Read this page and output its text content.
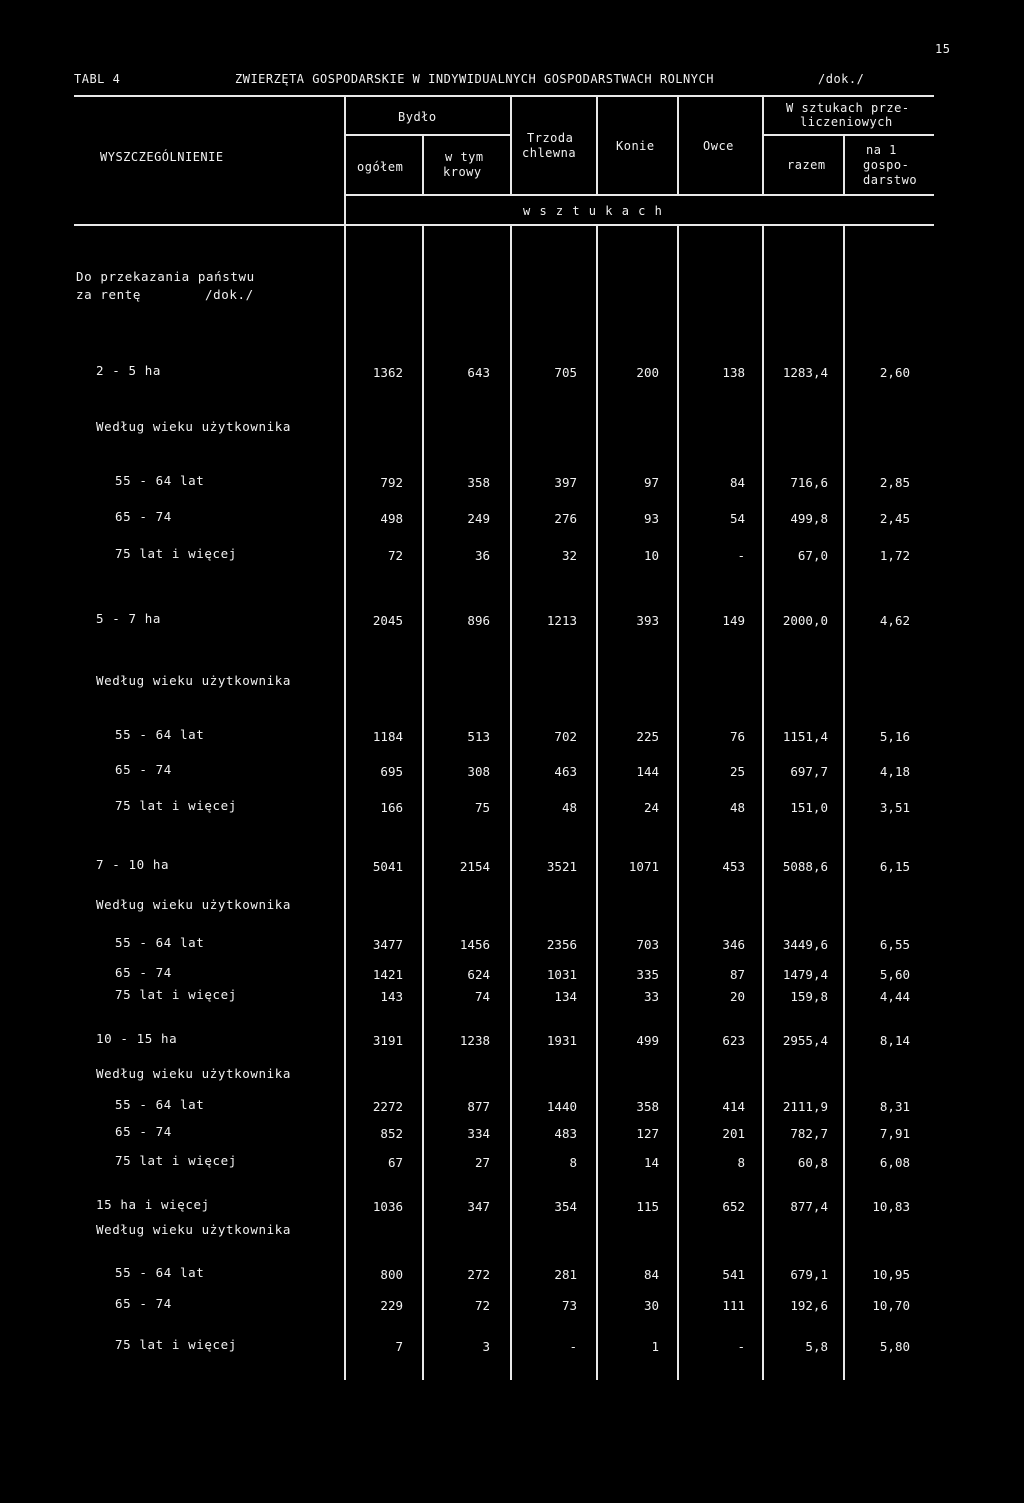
15
TABL 4	ZWIERZĘTA GOSPODARSKIE W INDYWIDUALNYCH GOSPODARSTWACH ROLNYCH	/dok./
WYSZCZEGÓLNIENIE
Bydło
ogółem
w tym
krowy
Trzoda
chlewna	Konie	Owce
W sztukach prze-
liczeniowych
razem
na 1
gospo-
darstwo
w s z t u k a c h
Do przekazania państwu
za rentę	/dok./
2 - 5 ha	1362	643	705	200	138	1283,4	2,60
Według wieku użytkownika
55 - 64 lat	792	358	397	97	84	716,6	2,85
65 - 74	498	249	276	93	54	499,8	2,45
75 lat i więcej	72	36	32	10	-	67,0	1,72
5 - 7 ha	2045	896	1213	393	149	2000,0	4,62
Według wieku użytkownika
55 - 64 lat	1184	513	702	225	76	1151,4	5,16
65 - 74	695	308	463	144	25	697,7	4,18
75 lat i więcej	166	75	48	24	48	151,0	3,51
7 - 10 ha	5041	2154	3521	1071	453	5088,6	6,15
Według wieku użytkownika
55 - 64 lat	3477	1456	2356	703	346	3449,6	6,55
65 - 74	1421	624	1031	335	87	1479,4	5,60
75 lat i więcej	143	74	134	33	20	159,8	4,44
10 - 15 ha	3191	1238	1931	499	623	2955,4	8,14
Według wieku użytkownika
55 - 64 lat	2272	877	1440	358	414	2111,9	8,31
65 - 74	852	334	483	127	201	782,7	7,91
75 lat i więcej	67	27	8	14	8	60,8	6,08
15 ha i więcej	1036	347	354	115	652	877,4	10,83
Według wieku użytkownika
55 - 64 lat	800	272	281	84	541	679,1	10,95
65 - 74	229	72	73	30	111	192,6	10,70
75 lat i więcej	7	3	-	1	-	5,8	5,80
